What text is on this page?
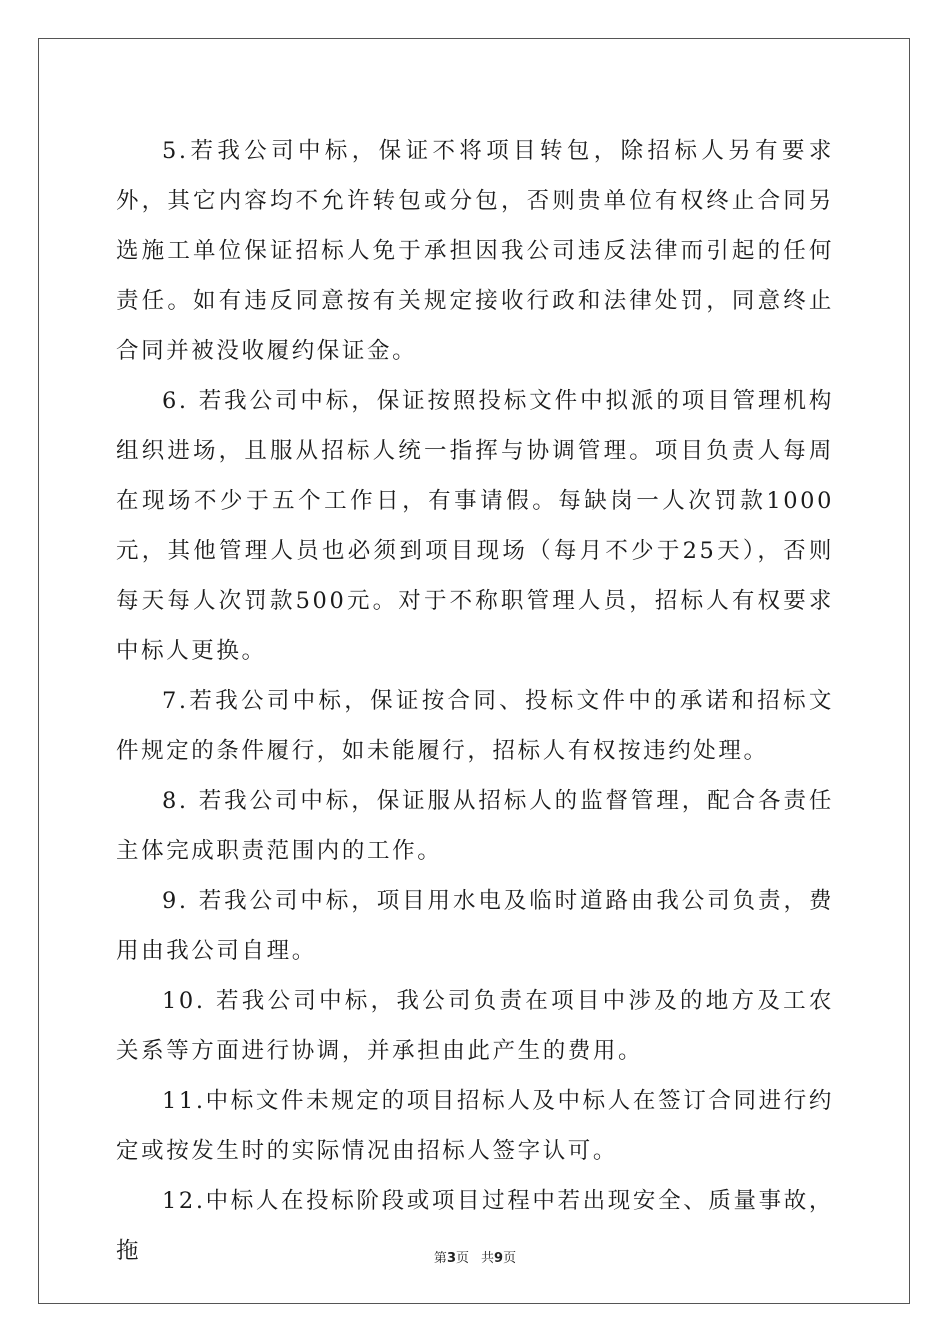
5.若我公司中标，保证不将项目转包，除招标人另有要求外，其它内容均不允许转包或分包，否则贵单位有权终止合同另选施工单位保证招标人免于承担因我公司违反法律而引起的任何责任。如有违反同意按有关规定接收行政和法律处罚，同意终止合同并被没收履约保证金。

6. 若我公司中标，保证按照投标文件中拟派的项目管理机构组织进场，且服从招标人统一指挥与协调管理。项目负责人每周在现场不少于五个工作日，有事请假。每缺岗一人次罚款1000元，其他管理人员也必须到项目现场（每月不少于25天），否则每天每人次罚款500元。对于不称职管理人员，招标人有权要求中标人更换。

7.若我公司中标，保证按合同、投标文件中的承诺和招标文件规定的条件履行，如未能履行，招标人有权按违约处理。

8. 若我公司中标，保证服从招标人的监督管理，配合各责任主体完成职责范围内的工作。

9. 若我公司中标，项目用水电及临时道路由我公司负责，费用由我公司自理。

10. 若我公司中标，我公司负责在项目中涉及的地方及工农关系等方面进行协调，并承担由此产生的费用。

11.中标文件未规定的项目招标人及中标人在签订合同进行约定或按发生时的实际情况由招标人签字认可。

12.中标人在投标阶段或项目过程中若出现安全、质量事故，拖	第3页 共9页
